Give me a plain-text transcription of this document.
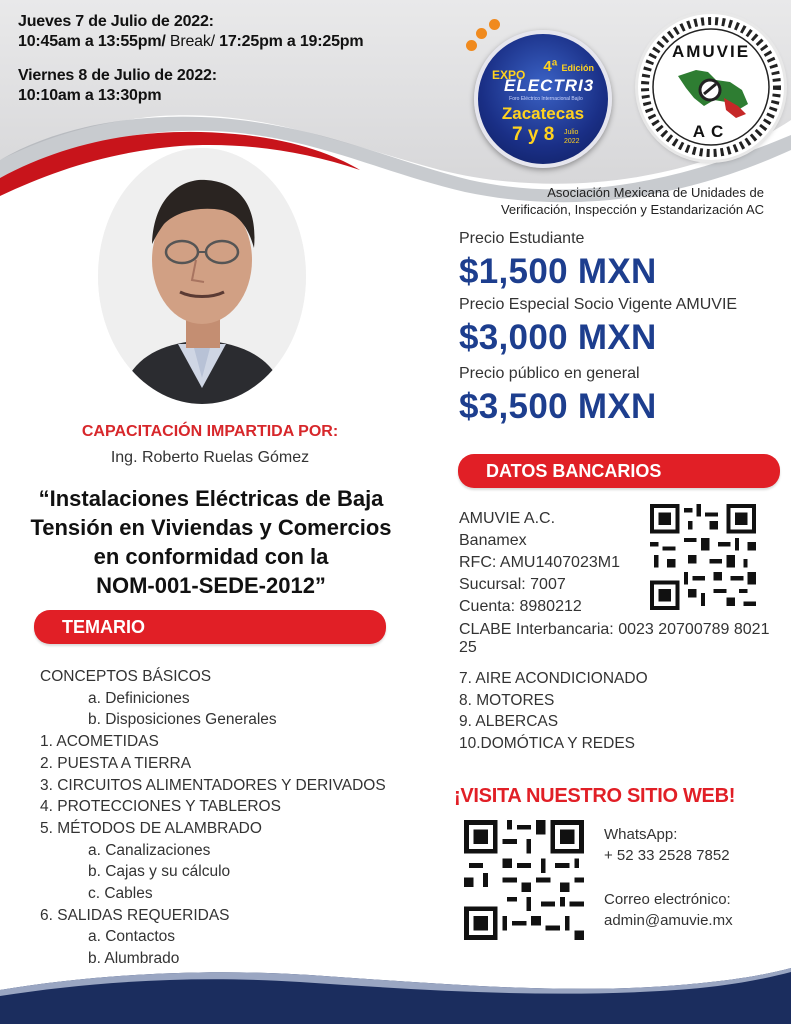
Jueves 7 de Julio de 2022:
10:45am a 13:55pm/ Break/ 17:25pm a 19:25pm
Viernes 8 de Julio de 2022:
10:10am a 13:30pm
4ª Edición
EXPO
ELECTRI3
Foro Eléctrico Internacional Bajío
Zacatecas
7 y 8 Julio
2022
AMUVIE
AC
Asociación Mexicana de Unidades de
Verificación, Inspección y Estandarización AC
Precio Estudiante
$1,500 MXN
Precio Especial Socio Vigente AMUVIE
$3,000 MXN
Precio público en general
$3,500 MXN
CAPACITACIÓN IMPARTIDA POR:
Ing. Roberto Ruelas Gómez
“Instalaciones Eléctricas de Baja
Tensión en Viviendas y Comercios
en conformidad con la
NOM-001-SEDE-2012”
DATOS BANCARIOS
AMUVIE A.C.
Banamex
RFC: AMU1407023M1
Sucursal: 7007
Cuenta: 8980212
CLABE Interbancaria: 0023 20700789 8021 25
TEMARIO
CONCEPTOS BÁSICOS
a. Definiciones
b. Disposiciones Generales
1. ACOMETIDAS
2. PUESTA A TIERRA
3. CIRCUITOS ALIMENTADORES Y DERIVADOS
4. PROTECCIONES Y TABLEROS
5. MÉTODOS DE ALAMBRADO
a. Canalizaciones
b. Cajas y su cálculo
c. Cables
6. SALIDAS REQUERIDAS
a. Contactos
b. Alumbrado
7. AIRE ACONDICIONADO
8. MOTORES
9. ALBERCAS
10.DOMÓTICA Y REDES
¡VISITA NUESTRO SITIO WEB!
WhatsApp:
+ 52 33 2528 7852
Correo electrónico:
admin@amuvie.mx
